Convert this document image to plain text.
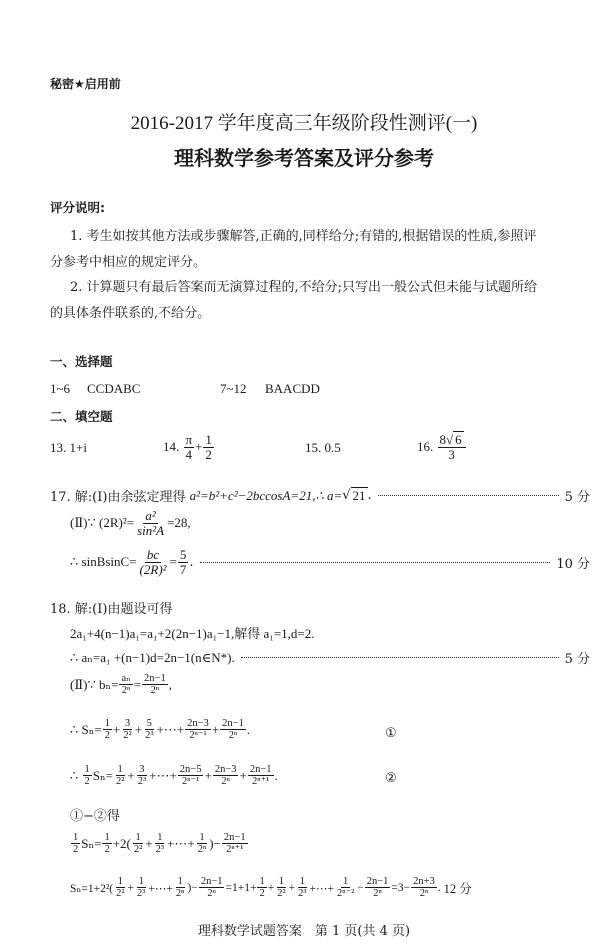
秘密★启用前
2016-2017 学年度高三年级阶段性测评(一)
理科数学参考答案及评分参考
评分说明:
1. 考生如按其他方法或步骤解答,正确的,同样给分;有错的,根据错误的性质,参照评
分参考中相应的规定评分。
2. 计算题只有最后答案而无演算过程的,不给分;只写出一般公式但未能与试题所给
的具体条件联系的,不给分。
一、选择题
1~6 CCDABC	7~12 BAACDD
二、填空题
13.
1+i	14.
$\frac{\pi}{4} + \frac{1}{2}$	15.
0.5	16.
$\frac{8√ 6}{3}$
17. 解:(Ⅰ)由余弦定理得
a²=b²+c²−2bccosA=21,∴ a= √ 21 .	5 分
(Ⅱ)∵ $(2R)^2= \frac{\text{a²}}{\text{sin²A}} =28$,
∴ sinBsinC= $\frac{bc}{\text{(2R)²}} = \frac{5}{7}$ .	10 分
18. 解:(Ⅰ)由题设可得
2a₁+4(n−1)a₁=a₁+2(2n−1)a₁−1,解得 a₁=1,d=2.
∴ aₙ=a₁ +(n−1)d=2n−1(n∈N*).	5 分
(Ⅱ)∵ $b_n= \frac{\text{aₙ}}{\text{2ⁿ}} = \frac{2n-1}{\text{2ⁿ}}$ ,
∴ $S_n= \frac{1}{2} + \frac{3}{\text{2²}} + \frac{5}{\text{2³}}$ +⋯+ $\frac{2n-3}{\text{2ⁿ⁻¹}} + \frac{2n-1}{\text{2ⁿ}}$ .	①
∴
$\frac{1}{2} S_n= \frac{1}{\text{2²}} + \frac{3}{\text{2³}}$ +⋯+ $\frac{2n-5}{\text{2ⁿ⁻¹}} + \frac{2n-3}{\text{2ⁿ}} + \frac{2n-1}{\text{2ⁿ⁺¹}}$ .	②
①−②得
$\frac{1}{2} S_n= \frac{1}{2} +2( \frac{1}{\text{2²}} + \frac{1}{\text{2³}}$ +⋯+ $\frac{1}{\text{2ⁿ}}$ )− $\frac{2n-1}{\text{2ⁿ⁺¹}}$
$S_n=1+2^2( \frac{1}{\text{2²}} + \frac{1}{\text{2³}}$ +⋯+ $\frac{1}{\text{2ⁿ}}$ )− $\frac{2n-1}{\text{2ⁿ}} =1+1+ \frac{1}{2} + \frac{1}{\text{2²}} + \frac{1}{\text{2³}}$ +⋯+ $\frac{1}{\text{2ⁿ⁻²}} - \frac{2n-1}{\text{2ⁿ}} =3- \frac{2n+3}{\text{2ⁿ}}$ .
12 分
理科数学试题答案　第 1 页(共 4 页)
